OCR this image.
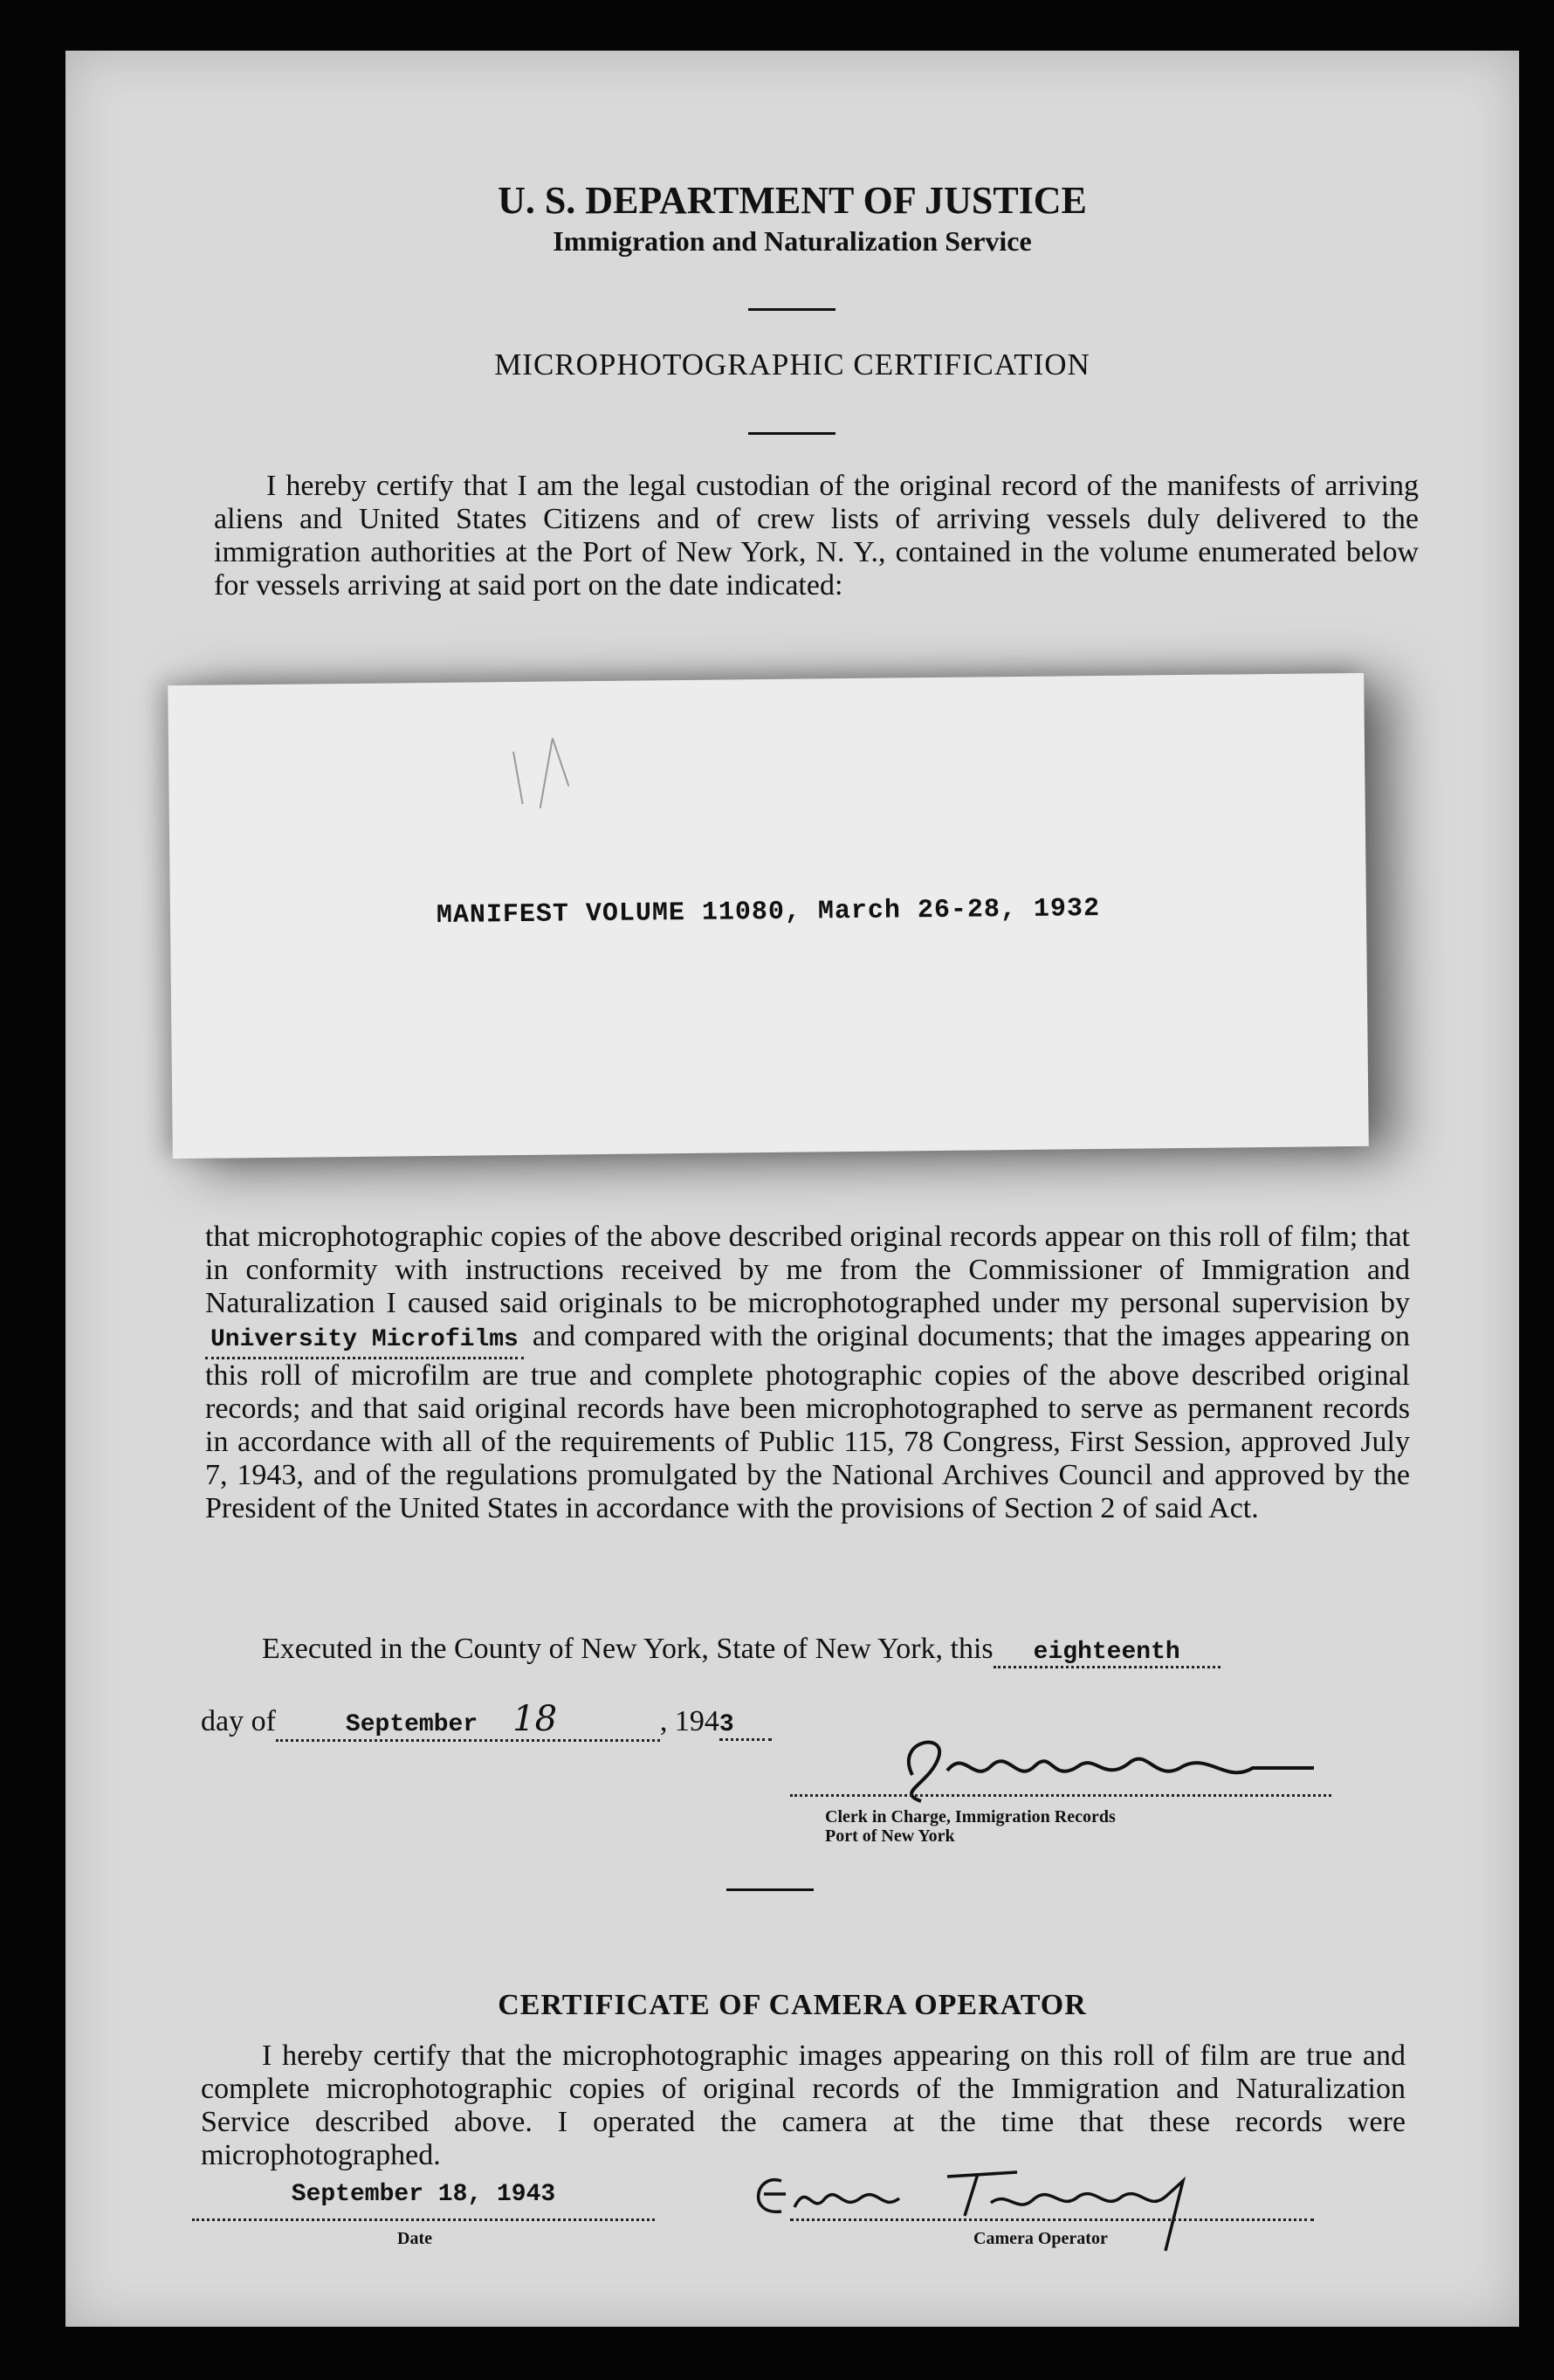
U. S. DEPARTMENT OF JUSTICE
Immigration and Naturalization Service
MICROPHOTOGRAPHIC CERTIFICATION
I hereby certify that I am the legal custodian of the original record of the manifests of arriving aliens and United States Citizens and of crew lists of arriving vessels duly delivered to the immigration authorities at the Port of New York, N. Y., contained in the volume enumerated below for vessels arriving at said port on the date indicated:
MANIFEST VOLUME 11080, March 26-28, 1932
that microphotographic copies of the above described original records appear on this roll of film; that in conformity with instructions received by me from the Commissioner of Immigration and Naturalization I caused said originals to be microphotographed under my personal supervision by University Microfilms and compared with the original documents; that the images appearing on this roll of microfilm are true and complete photographic copies of the above described original records; and that said original records have been microphotographed to serve as permanent records in accordance with all of the requirements of Public 115, 78 Congress, First Session, approved July 7, 1943, and of the regulations promulgated by the National Archives Council and approved by the President of the United States in accordance with the provisions of Section 2 of said Act.
Executed in the County of New York, State of New York, this eighteenth
day of	September 18	, 1943
Clerk in Charge, Immigration Records
Port of New York
CERTIFICATE OF CAMERA OPERATOR
I hereby certify that the microphotographic images appearing on this roll of film are true and complete microphotographic copies of original records of the Immigration and Naturalization Service described above. I operated the camera at the time that these records were microphotographed.
September 18, 1943
Date	Camera Operator
